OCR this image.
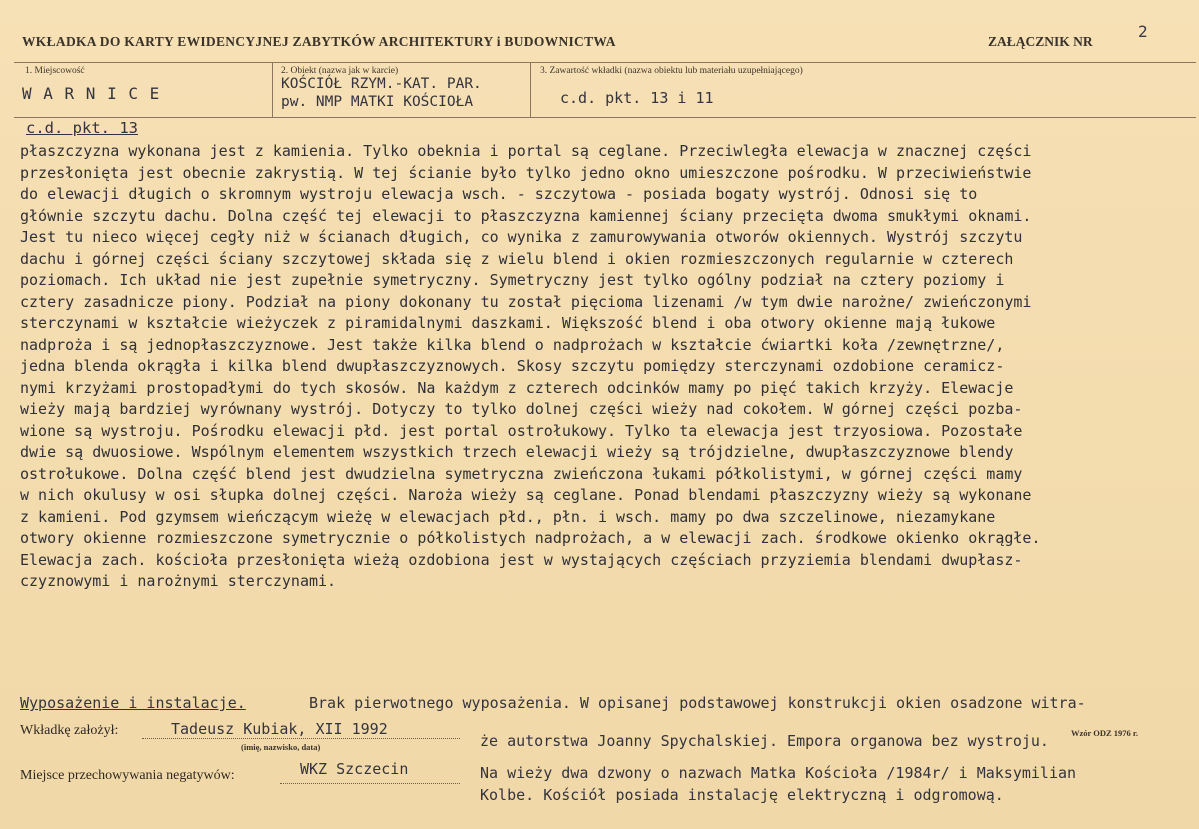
WKŁADKA DO KARTY EWIDENCYJNEJ ZABYTKÓW ARCHITEKTURY i BUDOWNICTWA	ZAŁĄCZNIK NR
2
1. Miejscowość
W A R N I C E
2. Obiekt (nazwa jak w karcie)
KOŚCIÓŁ RZYM.-KAT. PAR.
pw. NMP MATKI KOŚCIOŁA
3. Zawartość wkładki (nazwa obiektu lub materiału uzupełniającego)
c.d. pkt. 13 i 11
c.d. pkt. 13
płaszczyzna wykonana jest z kamienia. Tylko obeknia i portal są ceglane. Przeciwległa elewacja w znacznej części
przesłonięta jest obecnie zakrystią. W tej ścianie było tylko jedno okno umieszczone pośrodku. W przeciwieństwie
do elewacji długich o skromnym wystroju elewacja wsch. - szczytowa - posiada bogaty wystrój. Odnosi się to
głównie szczytu dachu. Dolna część tej elewacji to płaszczyzna kamiennej ściany przecięta dwoma smukłymi oknami.
Jest tu nieco więcej cegły niż w ścianach długich, co wynika z zamurowywania otworów okiennych. Wystrój szczytu
dachu i górnej części ściany szczytowej składa się z wielu blend i okien rozmieszczonych regularnie w czterech
poziomach. Ich układ nie jest zupełnie symetryczny. Symetryczny jest tylko ogólny podział na cztery poziomy i
cztery zasadnicze piony. Podział na piony dokonany tu został pięcioma lizenami /w tym dwie narożne/ zwieńczonymi
sterczynami w kształcie wieżyczek z piramidalnymi daszkami. Większość blend i oba otwory okienne mają łukowe
nadproża i są jednopłaszczyznowe. Jest także kilka blend o nadprożach w kształcie ćwiartki koła /zewnętrzne/,
jedna blenda okrągła i kilka blend dwupłaszczyznowych. Skosy szczytu pomiędzy sterczynami ozdobione ceramicz-
nymi krzyżami prostopadłymi do tych skosów. Na każdym z czterech odcinków mamy po pięć takich krzyży. Elewacje
wieży mają bardziej wyrównany wystrój. Dotyczy to tylko dolnej części wieży nad cokołem. W górnej części pozba-
wione są wystroju. Pośrodku elewacji płd. jest portal ostrołukowy. Tylko ta elewacja jest trzyosiowa. Pozostałe
dwie są dwuosiowe. Wspólnym elementem wszystkich trzech elewacji wieży są trójdzielne, dwupłaszczyznowe blendy
ostrołukowe. Dolna część blend jest dwudzielna symetryczna zwieńczona łukami półkolistymi, w górnej części mamy
w nich okulusy w osi słupka dolnej części. Naroża wieży są ceglane. Ponad blendami płaszczyzny wieży są wykonane
z kamieni. Pod gzymsem wieńczącym wieżę w elewacjach płd., płn. i wsch. mamy po dwa szczelinowe, niezamykane
otwory okienne rozmieszczone symetrycznie o półkolistych nadprożach, a w elewacji zach. środkowe okienko okrągłe.
Elewacja zach. kościoła przesłonięta wieżą ozdobiona jest w wystających częściach przyziemia blendami dwupłasz-
czyznowymi i narożnymi sterczynami.
Wyposażenie i instalacje.	Brak pierwotnego wyposażenia. W opisanej podstawowej konstrukcji okien osadzone witra-
że autorstwa Joanny Spychalskiej. Empora organowa bez wystroju.
Na wieży dwa dzwony o nazwach Matka Kościoła /1984r/ i Maksymilian
Kolbe. Kościół posiada instalację elektryczną i odgromową.
Wkładkę założył:	Tadeusz Kubiak, XII 1992
(imię, nazwisko, data)
Wzór ODZ 1976 r.
Miejsce przechowywania negatywów:	WKZ Szczecin
